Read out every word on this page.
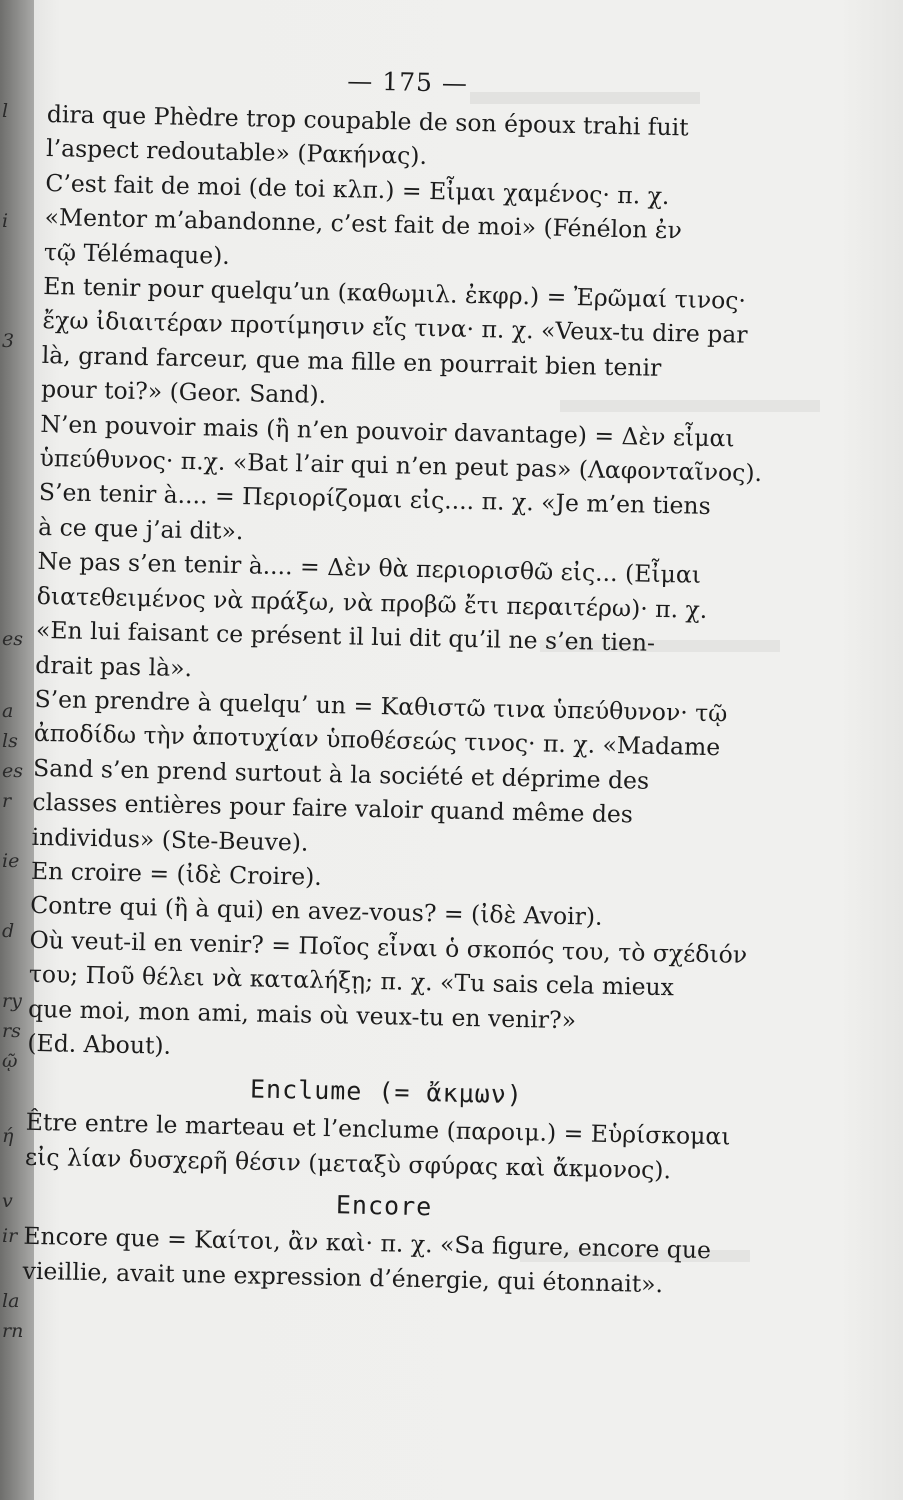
l
3
i
es
a
ls
es
r
ie
d
ry
rs
ῷ
ή
v
ir
la
rn
— 175 —
dira que Phèdre trop coupable de son époux trahi fuit
l’aspect redoutable» (Ρακήνας).
C’est fait de moi (de toi κλπ.) = Εἶμαι χαμένος· π. χ.
«Mentor m’abandonne, c’est fait de moi» (Fénélon ἐν
τῷ Télémaque).
En tenir pour quelqu’un (καθωμιλ. ἐκφρ.) = Ἐρῶμαί τινος·
ἔχω ἰδιαιτέραν προτίμησιν εἴς τινα· π. χ. «Veux-tu dire par
là, grand farceur, que ma fille en pourrait bien tenir
pour toi?» (Geor. Sand).
N’en pouvoir mais (ἢ n’en pouvoir davantage) = Δὲν εἶμαι
ὑπεύθυνος· π.χ. «Bat l’air qui n’en peut pas» (Λαφονταῖνος).
S’en tenir à.... = Περιορίζομαι εἰς.... π. χ. «Je m’en tiens
à ce que j’ai dit».
Ne pas s’en tenir à.... = Δὲν θὰ περιορισθῶ εἰς... (Εἶμαι
διατεθειμένος νὰ πράξω, νὰ προβῶ ἔτι περαιτέρω)· π. χ.
«En lui faisant ce présent il lui dit qu’il ne s’en tien-
drait pas là».
S’en prendre à quelqu’ un = Καθιστῶ τινα ὑπεύθυνον· τῷ
ἀποδίδω τὴν ἀποτυχίαν ὑποθέσεώς τινος· π. χ. «Madame
Sand s’en prend surtout à la société et déprime des
classes entières pour faire valoir quand même des
individus» (Ste-Beuve).
En croire = (ἰδὲ Croire).
Contre qui (ἢ à qui) en avez-vous? = (ἰδὲ Avoir).
Où veut-il en venir? = Ποῖος εἶναι ὁ σκοπός του, τὸ σχέδιόν
του; Ποῦ θέλει νὰ καταλήξῃ; π. χ. «Tu sais cela mieux
que moi, mon ami, mais où veux-tu en venir?»
(Ed. About).
Enclume (= ἄκμων)
Être entre le marteau et l’enclume (παροιμ.) = Εὑρίσκομαι
εἰς λίαν δυσχερῆ θέσιν (μεταξὺ σφύρας καὶ ἄκμονος).
Encore
Encore que = Καίτοι, ἂν καὶ· π. χ. «Sa figure, encore que
vieillie, avait une expression d’énergie, qui étonnait».
